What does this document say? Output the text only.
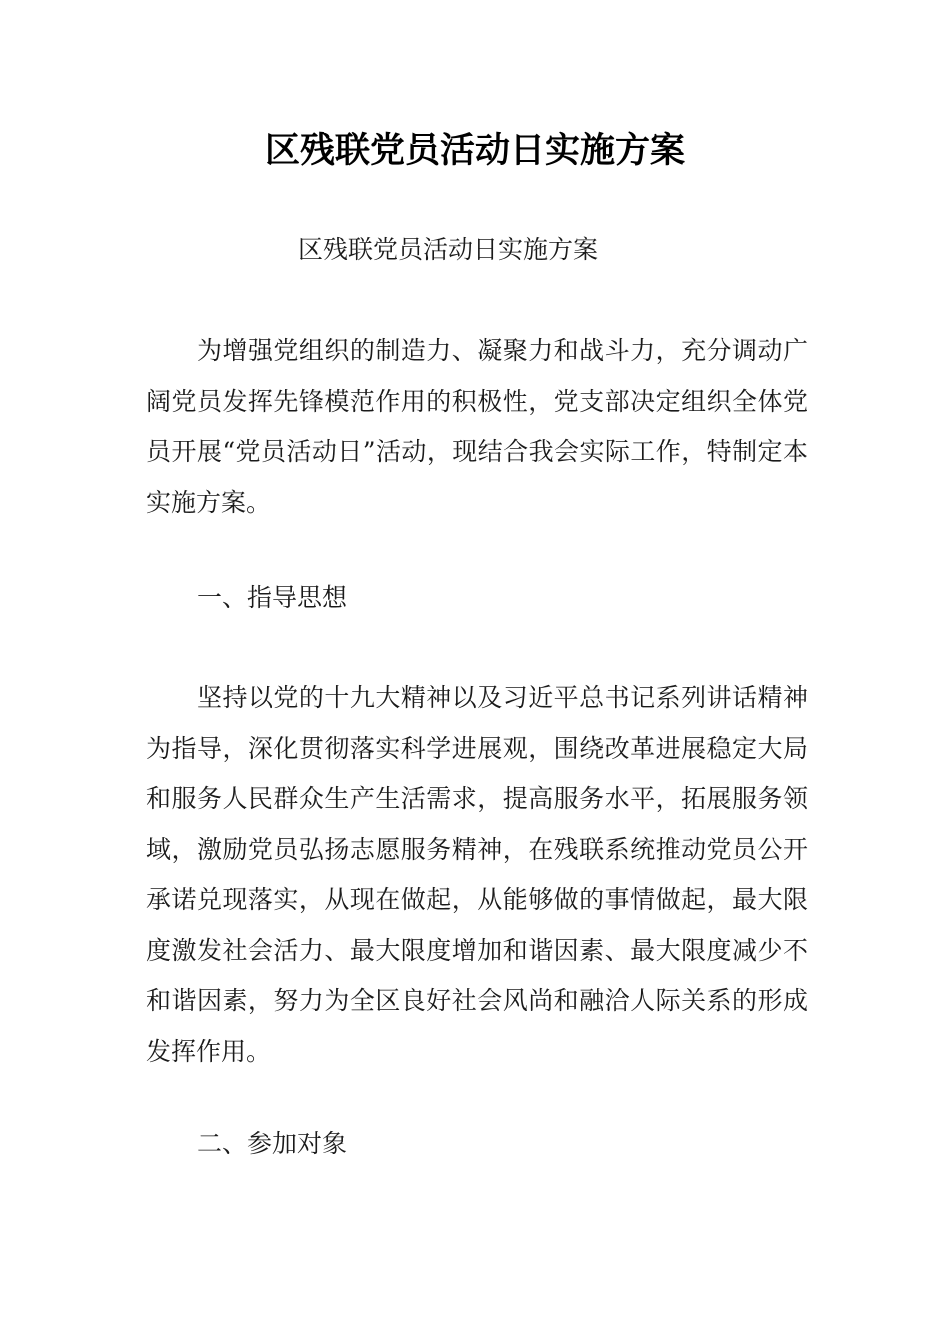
区残联党员活动日实施方案

区残联党员活动日实施方案

为增强党组织的制造力、凝聚力和战斗力，充分调动广阔党员发挥先锋模范作用的积极性，党支部决定组织全体党员开展“党员活动日”活动，现结合我会实际工作，特制定本实施方案。

一、指导思想

坚持以党的十九大精神以及习近平总书记系列讲话精神为指导，深化贯彻落实科学进展观，围绕改革进展稳定大局和服务人民群众生产生活需求，提高服务水平，拓展服务领域，激励党员弘扬志愿服务精神，在残联系统推动党员公开承诺兑现落实，从现在做起，从能够做的事情做起，最大限度激发社会活力、最大限度增加和谐因素、最大限度减少不和谐因素，努力为全区良好社会风尚和融洽人际关系的形成发挥作用。

二、参加对象
